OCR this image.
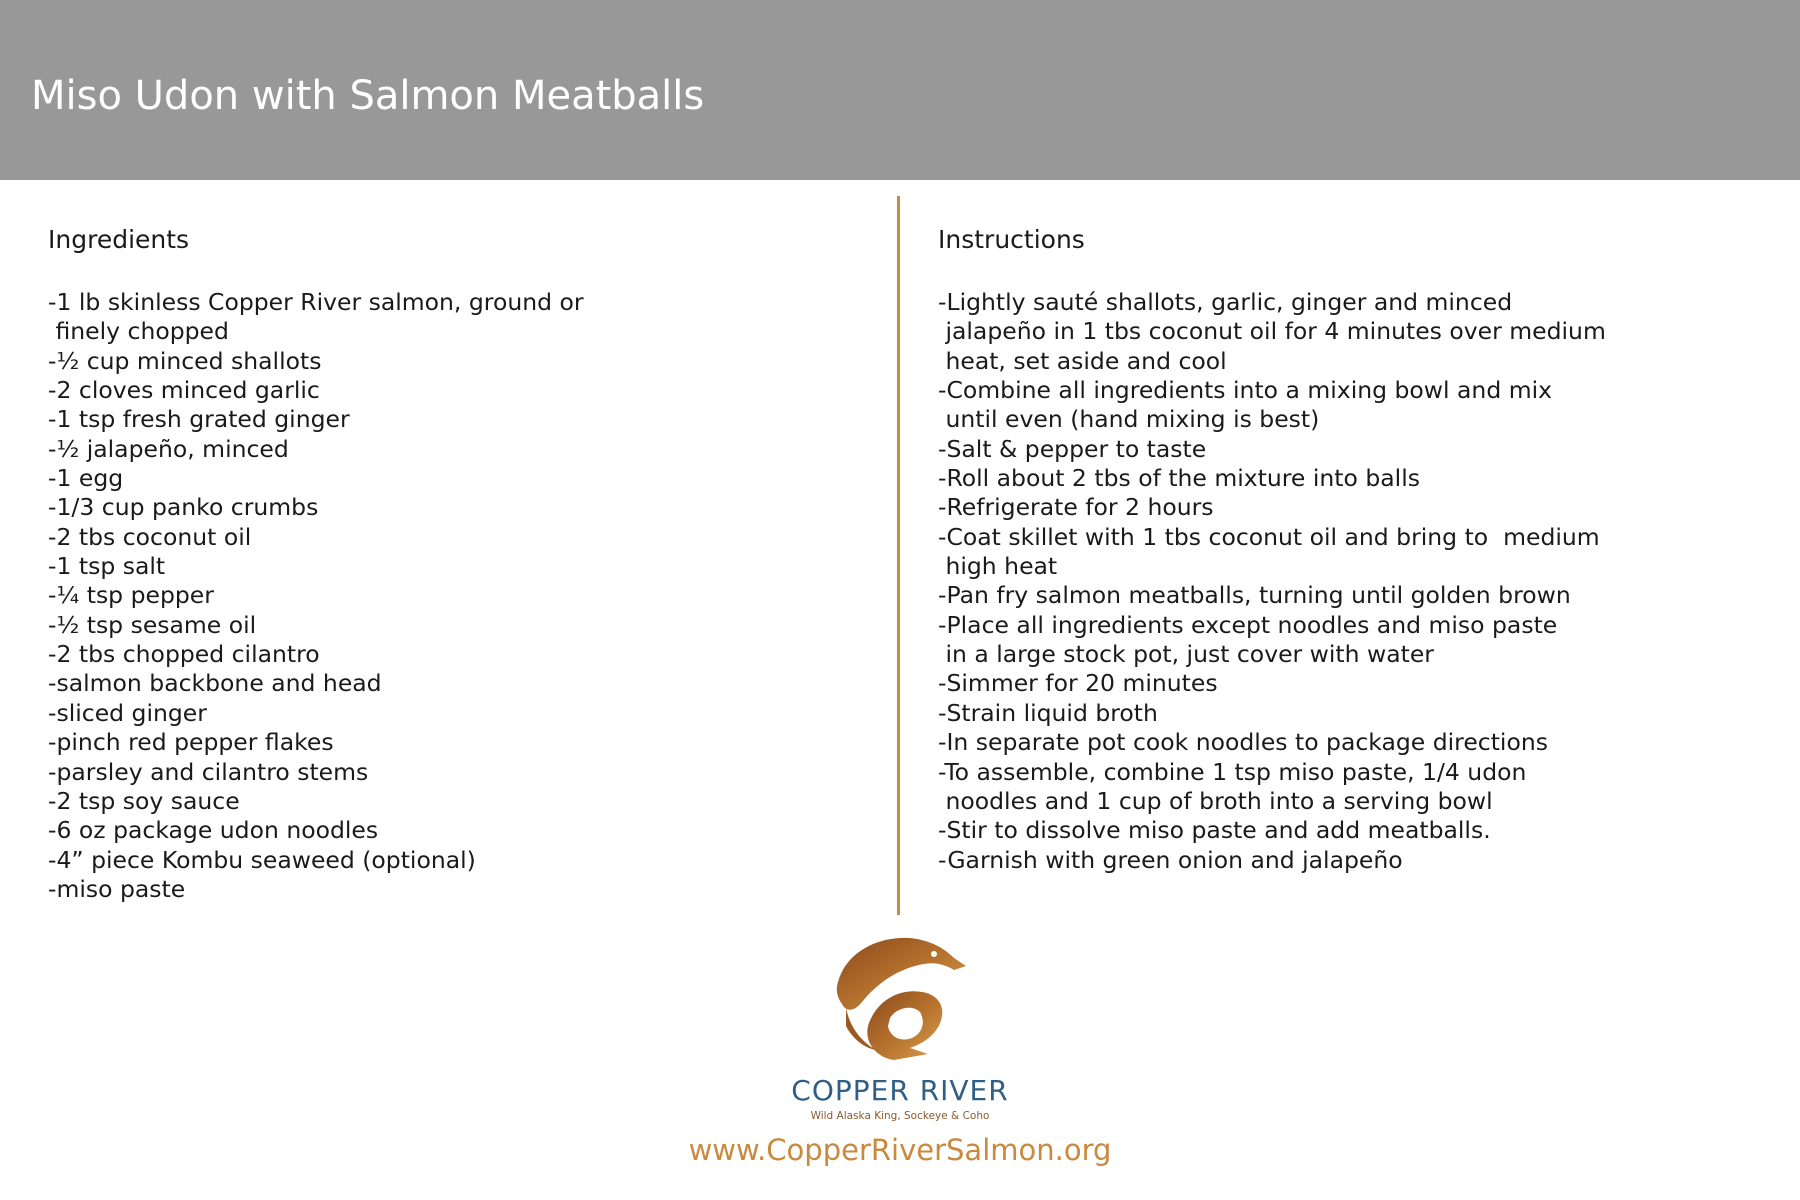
Miso Udon with Salmon Meatballs
Ingredients
-1 lb skinless Copper River salmon, ground or
finely chopped
-½ cup minced shallots
-2 cloves minced garlic
-1 tsp fresh grated ginger
-½ jalapeño, minced
-1 egg
-1/3 cup panko crumbs
-2 tbs coconut oil
-1 tsp salt
-¼ tsp pepper
-½ tsp sesame oil
-2 tbs chopped cilantro
-salmon backbone and head
-sliced ginger
-pinch red pepper flakes
-parsley and cilantro stems
-2 tsp soy sauce
-6 oz package udon noodles
-4” piece Kombu seaweed (optional)
-miso paste
Instructions
-Lightly sauté shallots, garlic, ginger and minced
jalapeño in 1 tbs coconut oil for 4 minutes over medium
heat, set aside and cool
-Combine all ingredients into a mixing bowl and mix
until even (hand mixing is best)
-Salt & pepper to taste
-Roll about 2 tbs of the mixture into balls
-Refrigerate for 2 hours
-Coat skillet with 1 tbs coconut oil and bring to  medium
high heat
-Pan fry salmon meatballs, turning until golden brown
-Place all ingredients except noodles and miso paste
in a large stock pot, just cover with water
-Simmer for 20 minutes
-Strain liquid broth
-In separate pot cook noodles to package directions
-To assemble, combine 1 tsp miso paste, 1/4 udon
noodles and 1 cup of broth into a serving bowl
-Stir to dissolve miso paste and add meatballs.
-Garnish with green onion and jalapeño

COPPER RIVER

Wild Alaska King, Sockeye & Coho

www.CopperRiverSalmon.org
